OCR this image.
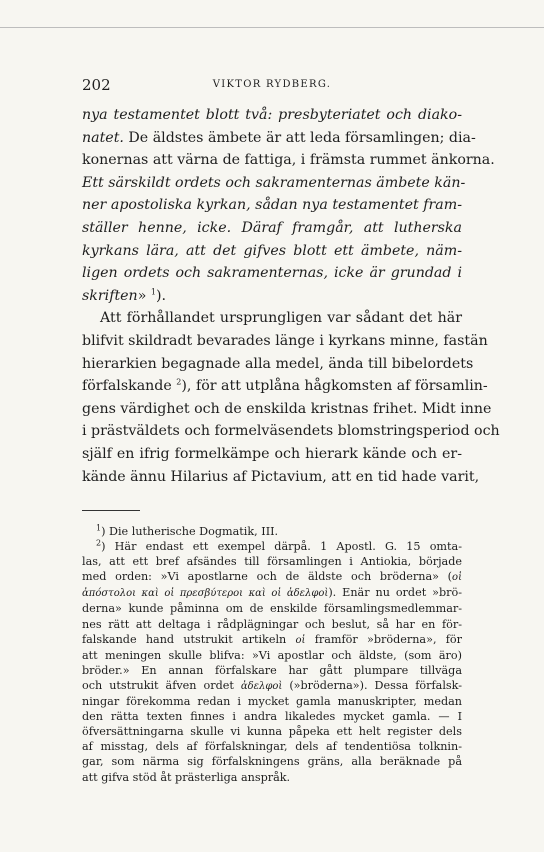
202	VIKTOR RYDBERG.
nya testamentet blott två: presbyteriatet och diako-
natet. De äldstes ämbete är att leda församlingen; dia-
konernas att värna de fattiga, i främsta rummet änkorna.
Ett särskildt ordets och sakramenternas ämbete kän-
ner apostoliska kyrkan, sådan nya testamentet fram-
ställer henne, icke. Däraf framgår, att lutherska
kyrkans lära, att det gifves blott ett ämbete, näm-
ligen ordets och sakramenternas, icke är grundad i
skriften» $^1$).
Att förhållandet ursprungligen var sådant det här
blifvit skildradt bevarades länge i kyrkans minne, fastän
hierarkien begagnade alla medel, ända till bibelordets
förfalskande $^2$), för att utplåna hågkomsten af församlin-
gens värdighet och de enskilda kristnas frihet. Midt inne
i prästväldets och formelväsendets blomstringsperiod och
själf en ifrig formelkämpe och hierark kände och er-
kände ännu Hilarius af Pictavium, att en tid hade varit,
$^1$) Die lutherische Dogmatik, III.
$^2$) Här endast ett exempel därpå. 1 Apostl. G. 15 omta-
las, att ett bref afsändes till församlingen i Antiokia, började
med orden: »Vi apostlarne och de äldste och bröderna» (οἱ
ἀπόστολοι καὶ οἱ πρεσβύτεροι καὶ οἱ ἀδελφοὶ). Enär nu ordet »brö-
derna» kunde påminna om de enskilde församlingsmedlemmar-
nes rätt att deltaga i rådplägningar och beslut, så har en för-
falskande hand utstrukit artikeln οἱ framför »bröderna», för
att meningen skulle blifva: »Vi apostlar och äldste, (som äro)
bröder.» En annan förfalskare har gått plumpare tillväga
och utstrukit äfven ordet ἀδελφοὶ (»bröderna»). Dessa förfalsk-
ningar förekomma redan i mycket gamla manuskripter, medan
den rätta texten finnes i andra likaledes mycket gamla. — I
öfversättningarna skulle vi kunna påpeka ett helt register dels
af misstag, dels af förfalskningar, dels af tendentiösa tolknin-
gar, som närma sig förfalskningens gräns, alla beräknade på
att gifva stöd åt prästerliga anspråk.
